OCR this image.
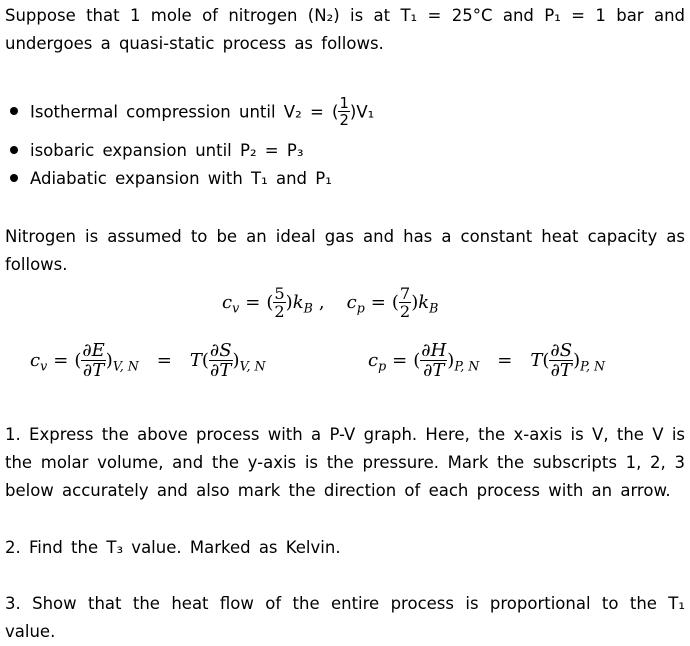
Suppose that 1 mole of nitrogen (N₂) is at T₁ = 25°C and P₁ = 1 bar and
undergoes a quasi-static process as follows.
Isothermal compression until V₂ = ( $\frac{1}{2} )V_1$
isobaric expansion until P₂ = P₃
Adiabatic expansion with T₁ and P₁
Nitrogen is assumed to be an ideal gas and has a constant heat capacity as
follows.
$c_v$ = ( $\frac{5}{2} )k_B$ , $c_p$ = ( $\frac{7}{2} )k_B$
$c_v$ = ( $\frac{\partial E}{\partial T} )_{V, N} = T( \frac{\partial S}{\partial T} )_{V, N}$	$c_p$ = ( $\frac{\partial H}{\partial T} )_{P, N} = T( \frac{\partial S}{\partial T} )_{P, N}$
1. Express the above process with a P-V graph. Here, the x-axis is V, the V is
the molar volume, and the y-axis is the pressure. Mark the subscripts 1, 2, 3
below accurately and also mark the direction of each process with an arrow.
2. Find the T₃ value. Marked as Kelvin.
3. Show that the heat flow of the entire process is proportional to the T₁ value.
